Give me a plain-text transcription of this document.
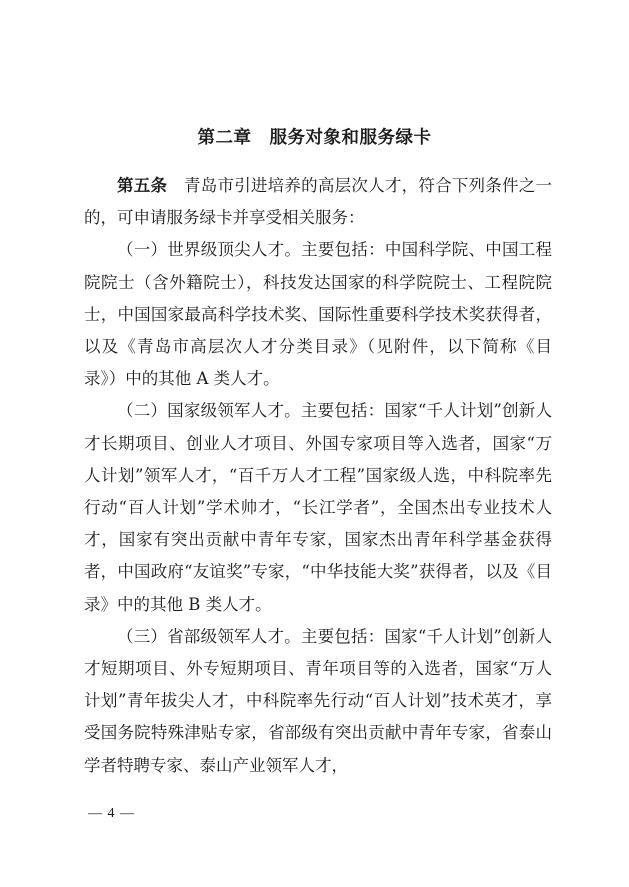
第二章　服务对象和服务绿卡

第五条　青岛市引进培养的高层次人才，符合下列条件之一的，可申请服务绿卡并享受相关服务：

（一）世界级顶尖人才。主要包括：中国科学院、中国工程院院士（含外籍院士），科技发达国家的科学院院士、工程院院士，中国国家最高科学技术奖、国际性重要科学技术奖获得者，以及《青岛市高层次人才分类目录》（见附件，以下简称《目录》）中的其他 A 类人才。

（二）国家级领军人才。主要包括：国家“千人计划”创新人才长期项目、创业人才项目、外国专家项目等入选者，国家“万人计划”领军人才，“百千万人才工程”国家级人选，中科院率先行动“百人计划”学术帅才，“长江学者”，全国杰出专业技术人才，国家有突出贡献中青年专家，国家杰出青年科学基金获得者，中国政府“友谊奖”专家，“中华技能大奖”获得者，以及《目录》中的其他 B 类人才。

（三）省部级领军人才。主要包括：国家“千人计划”创新人才短期项目、外专短期项目、青年项目等的入选者，国家“万人计划”青年拔尖人才，中科院率先行动“百人计划”技术英才，享受国务院特殊津贴专家，省部级有突出贡献中青年专家，省泰山学者特聘专家、泰山产业领军人才，

— 4 —
